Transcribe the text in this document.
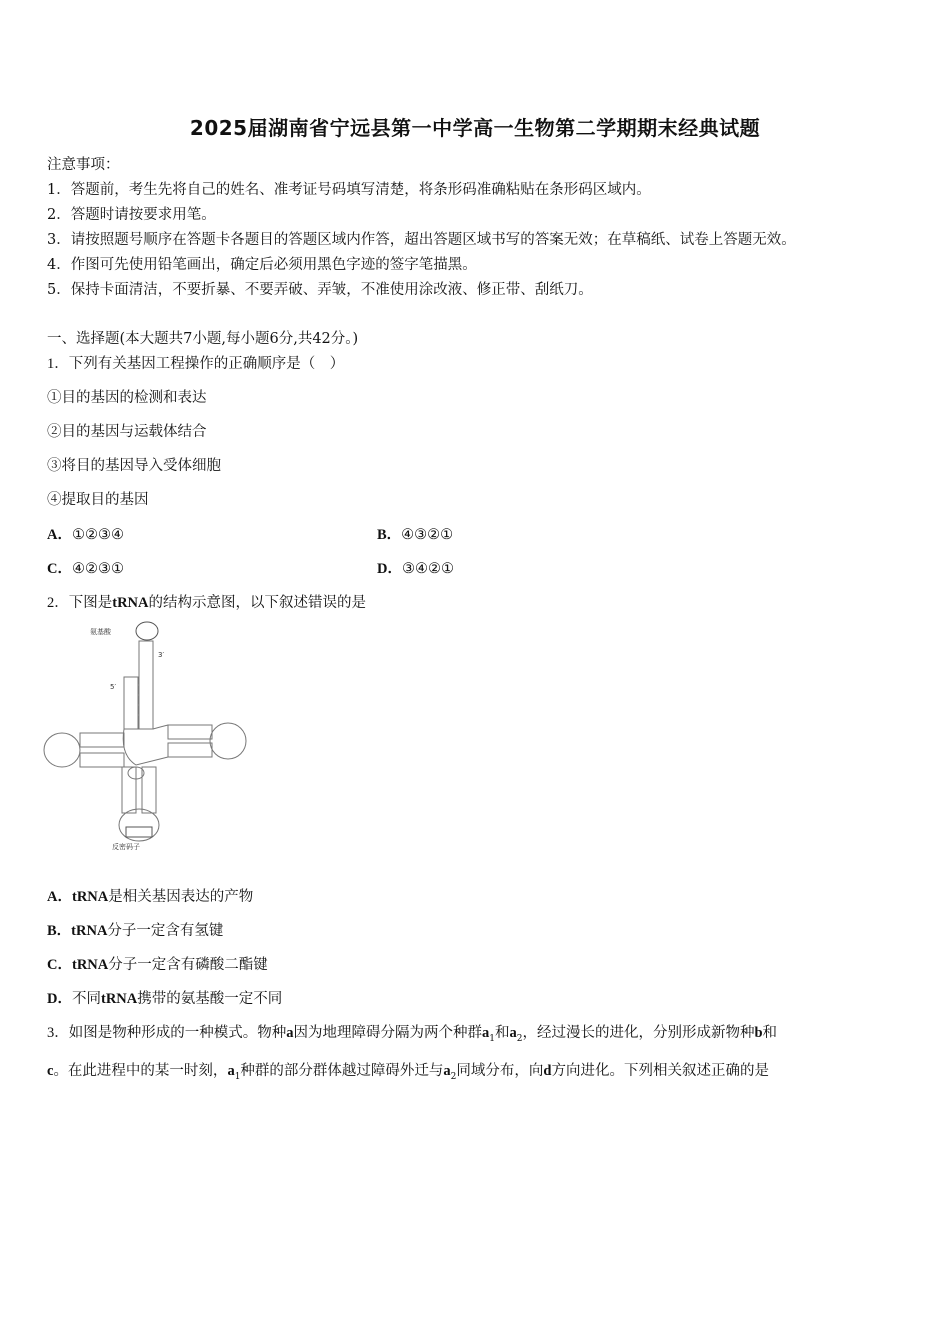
2025届湖南省宁远县第一中学高一生物第二学期期末经典试题
注意事项：
1．答题前，考生先将自己的姓名、准考证号码填写清楚，将条形码准确粘贴在条形码区域内。
2．答题时请按要求用笔。
3．请按照题号顺序在答题卡各题目的答题区域内作答，超出答题区域书写的答案无效；在草稿纸、试卷上答题无效。
4．作图可先使用铅笔画出，确定后必须用黑色字迹的签字笔描黑。
5．保持卡面清洁，不要折暴、不要弄破、弄皱，不准使用涂改液、修正带、刮纸刀。
一、选择题(本大题共7小题,每小题6分,共42分。)
1．下列有关基因工程操作的正确顺序是（　）
①目的基因的检测和表达
②目的基因与运载体结合
③将目的基因导入受体细胞
④提取目的基因
A．①②③④	B．④③②①
C．④②③①	D．③④②①
2．下图是tRNA的结构示意图，以下叙述错误的是
氨基酸
3′
5′
反密码子
A．tRNA是相关基因表达的产物
B．tRNA分子一定含有氢键
C．tRNA分子一定含有磷酸二酯键
D．不同tRNA携带的氨基酸一定不同
3．如图是物种形成的一种模式。物种a因为地理障碍分隔为两个种群$a_1$和$a_2$，经过漫长的进化，分别形成新物种b和
c。在此进程中的某一时刻，$a_1$种群的部分群体越过障碍外迁与$a_2$同域分布，向d方向进化。下列相关叙述正确的是
